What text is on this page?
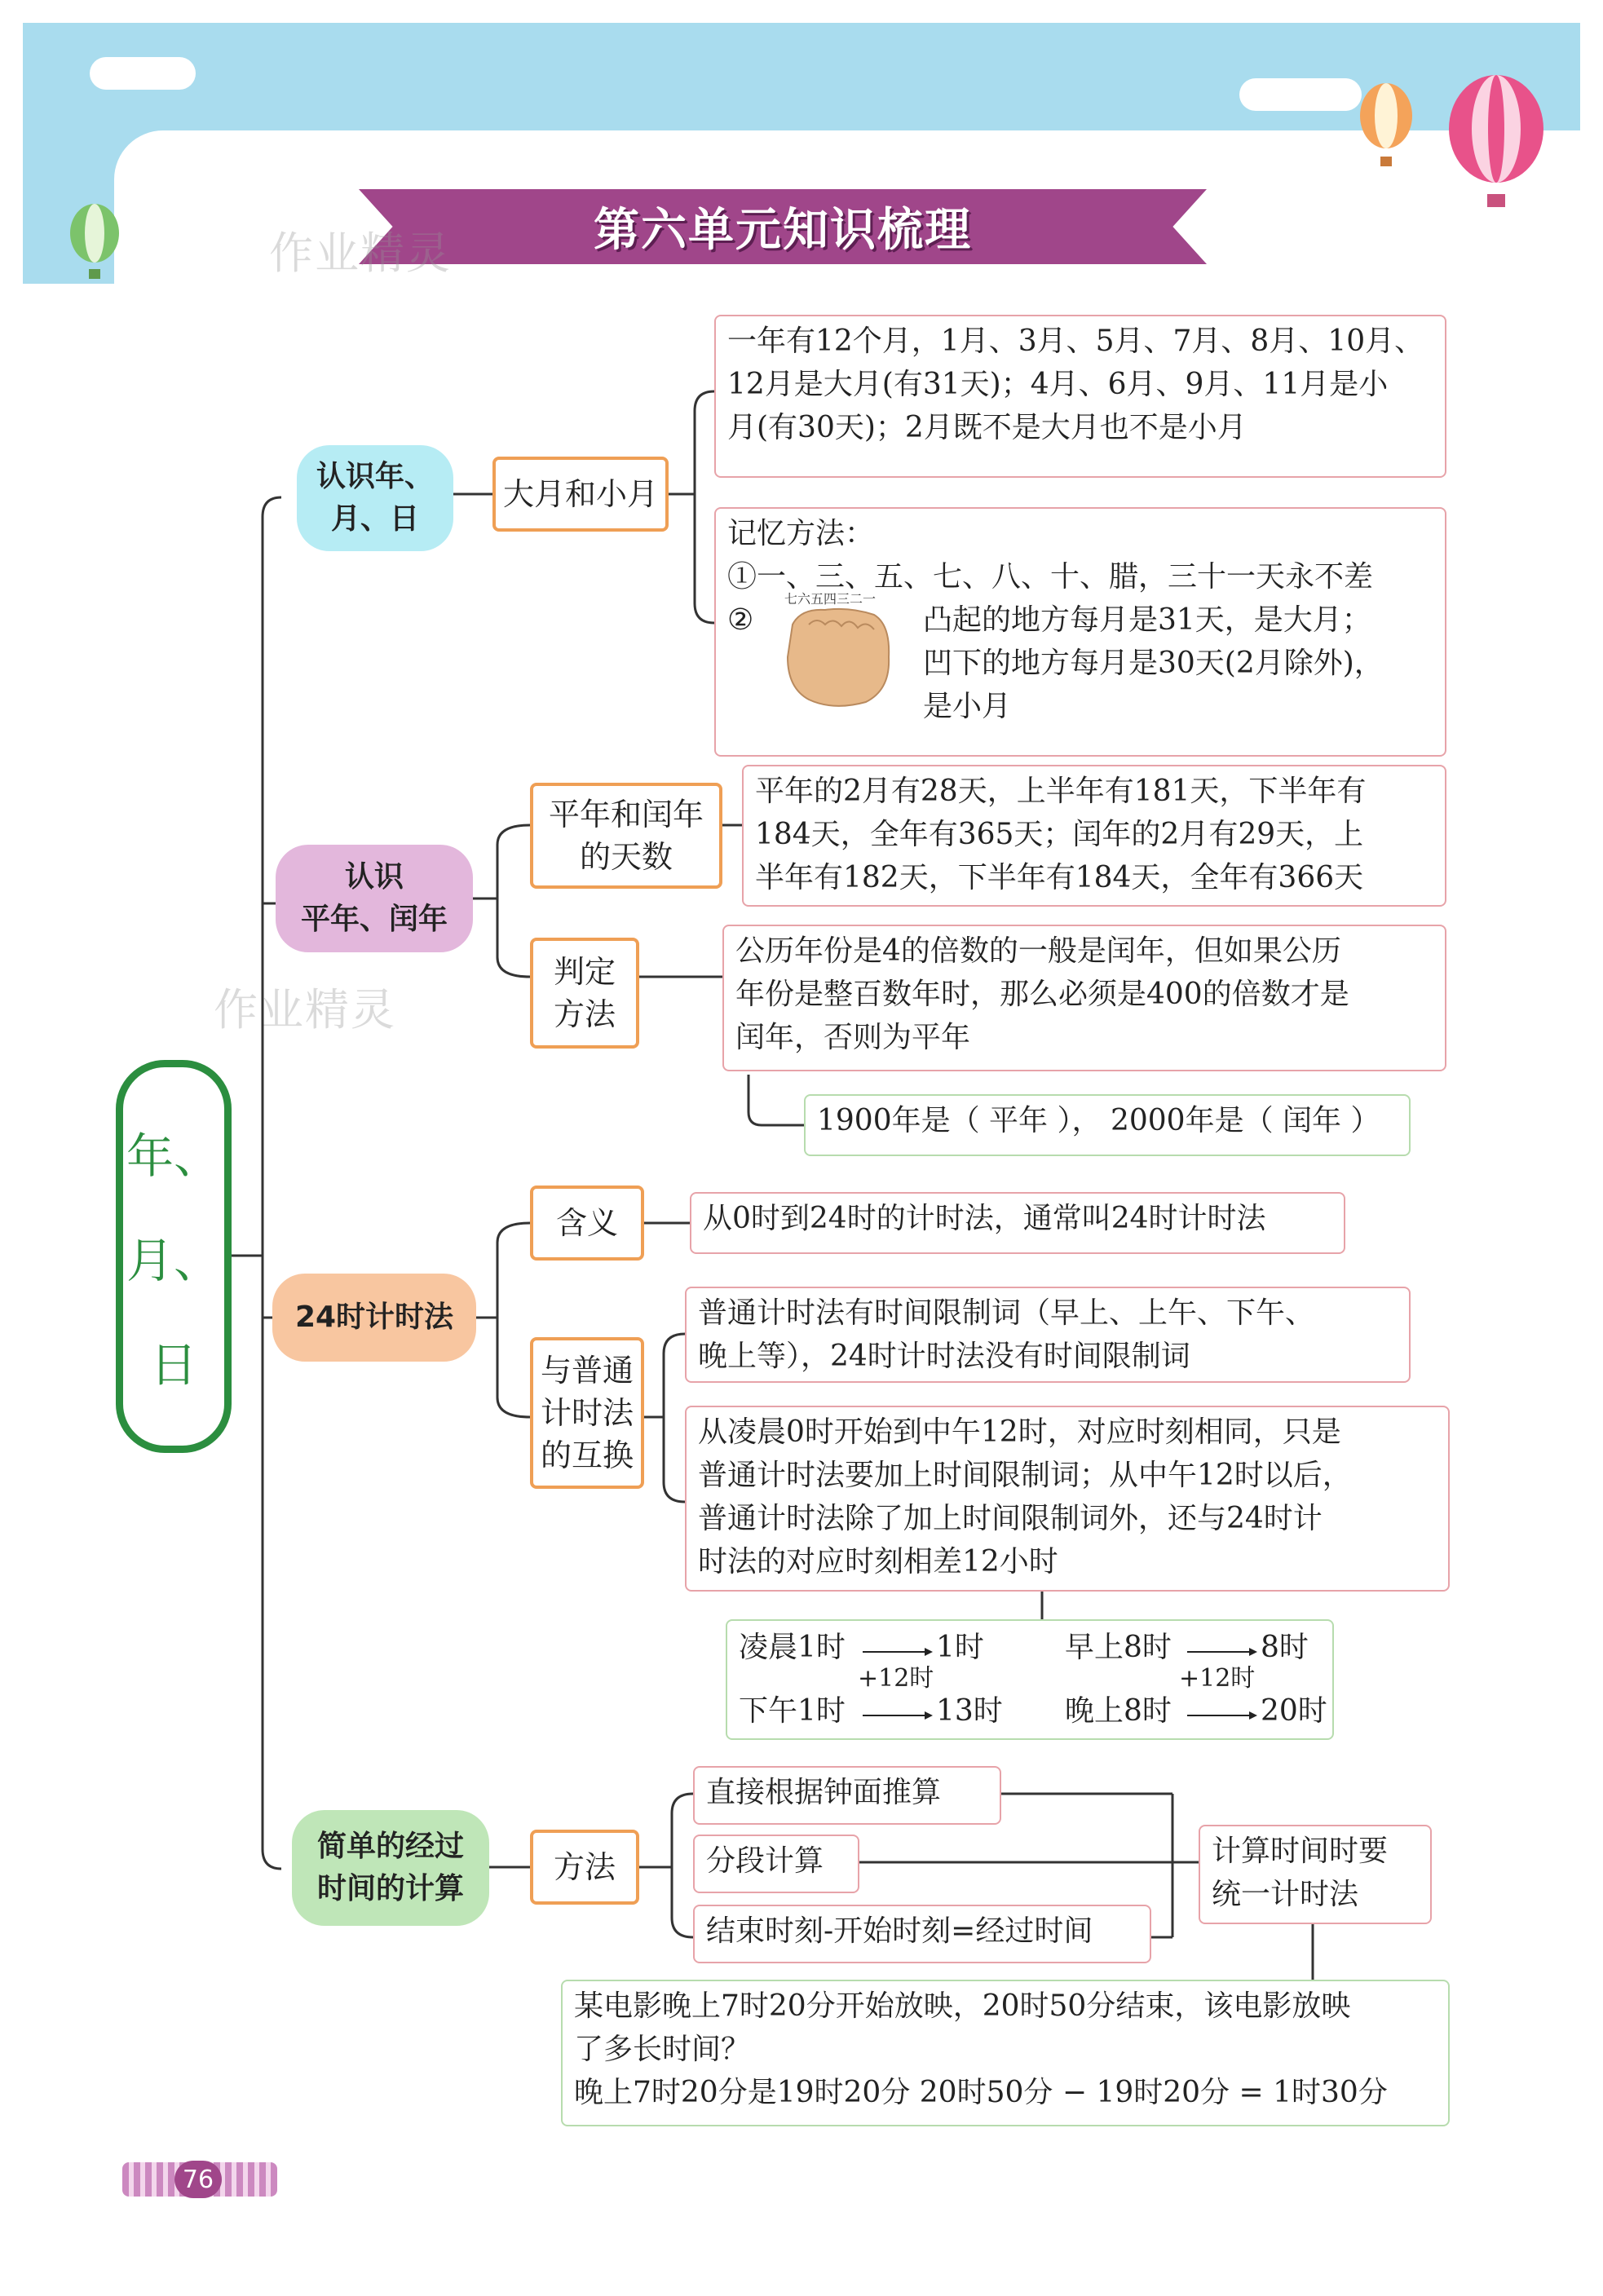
第六单元知识梳理
作业精灵
作业精灵
年、
月、
日
认识年、
月、日
大月和小月
一年有12个月，1月、3月、5月、7月、8月、10月、
12月是大月(有31天)；4月、6月、9月、11月是小
月(有30天)；2月既不是大月也不是小月
记忆方法：
①一、三、五、七、八、十、腊，三十一天永不差
②
七六五四三二一
凸起的地方每月是31天，是大月；
凹下的地方每月是30天(2月除外)，
是小月
认识
平年、闰年
平年和闰年
的天数
平年的2月有28天，上半年有181天，下半年有
184天，全年有365天；闰年的2月有29天，上
半年有182天，下半年有184天，全年有366天
判定
方法
公历年份是4的倍数的一般是闰年，但如果公历
年份是整百数年时，那么必须是400的倍数才是
闰年，否则为平年
1900年是（ 平年 ）， 2000年是（ 闰年 ）
24时计时法
含义	从0时到24时的计时法，通常叫24时计时法
与普通
计时法
的互换
普通计时法有时间限制词（早上、上午、下午、
晚上等），24时计时法没有时间限制词
从凌晨0时开始到中午12时，对应时刻相同，只是
普通计时法要加上时间限制词；从中午12时以后，
普通计时法除了加上时间限制词外，还与24时计
时法的对应时刻相差12小时
凌晨1时	1时	早上8时	8时
+12时
下午1时	13时
+12时
晚上8时	20时
简单的经过
时间的计算
方法
直接根据钟面推算
分段计算
结束时刻-开始时刻=经过时间
计算时间时要
统一计时法
某电影晚上7时20分开始放映，20时50分结束，该电影放映
了多长时间？
晚上7时20分是19时20分 20时50分 − 19时20分 = 1时30分
76
